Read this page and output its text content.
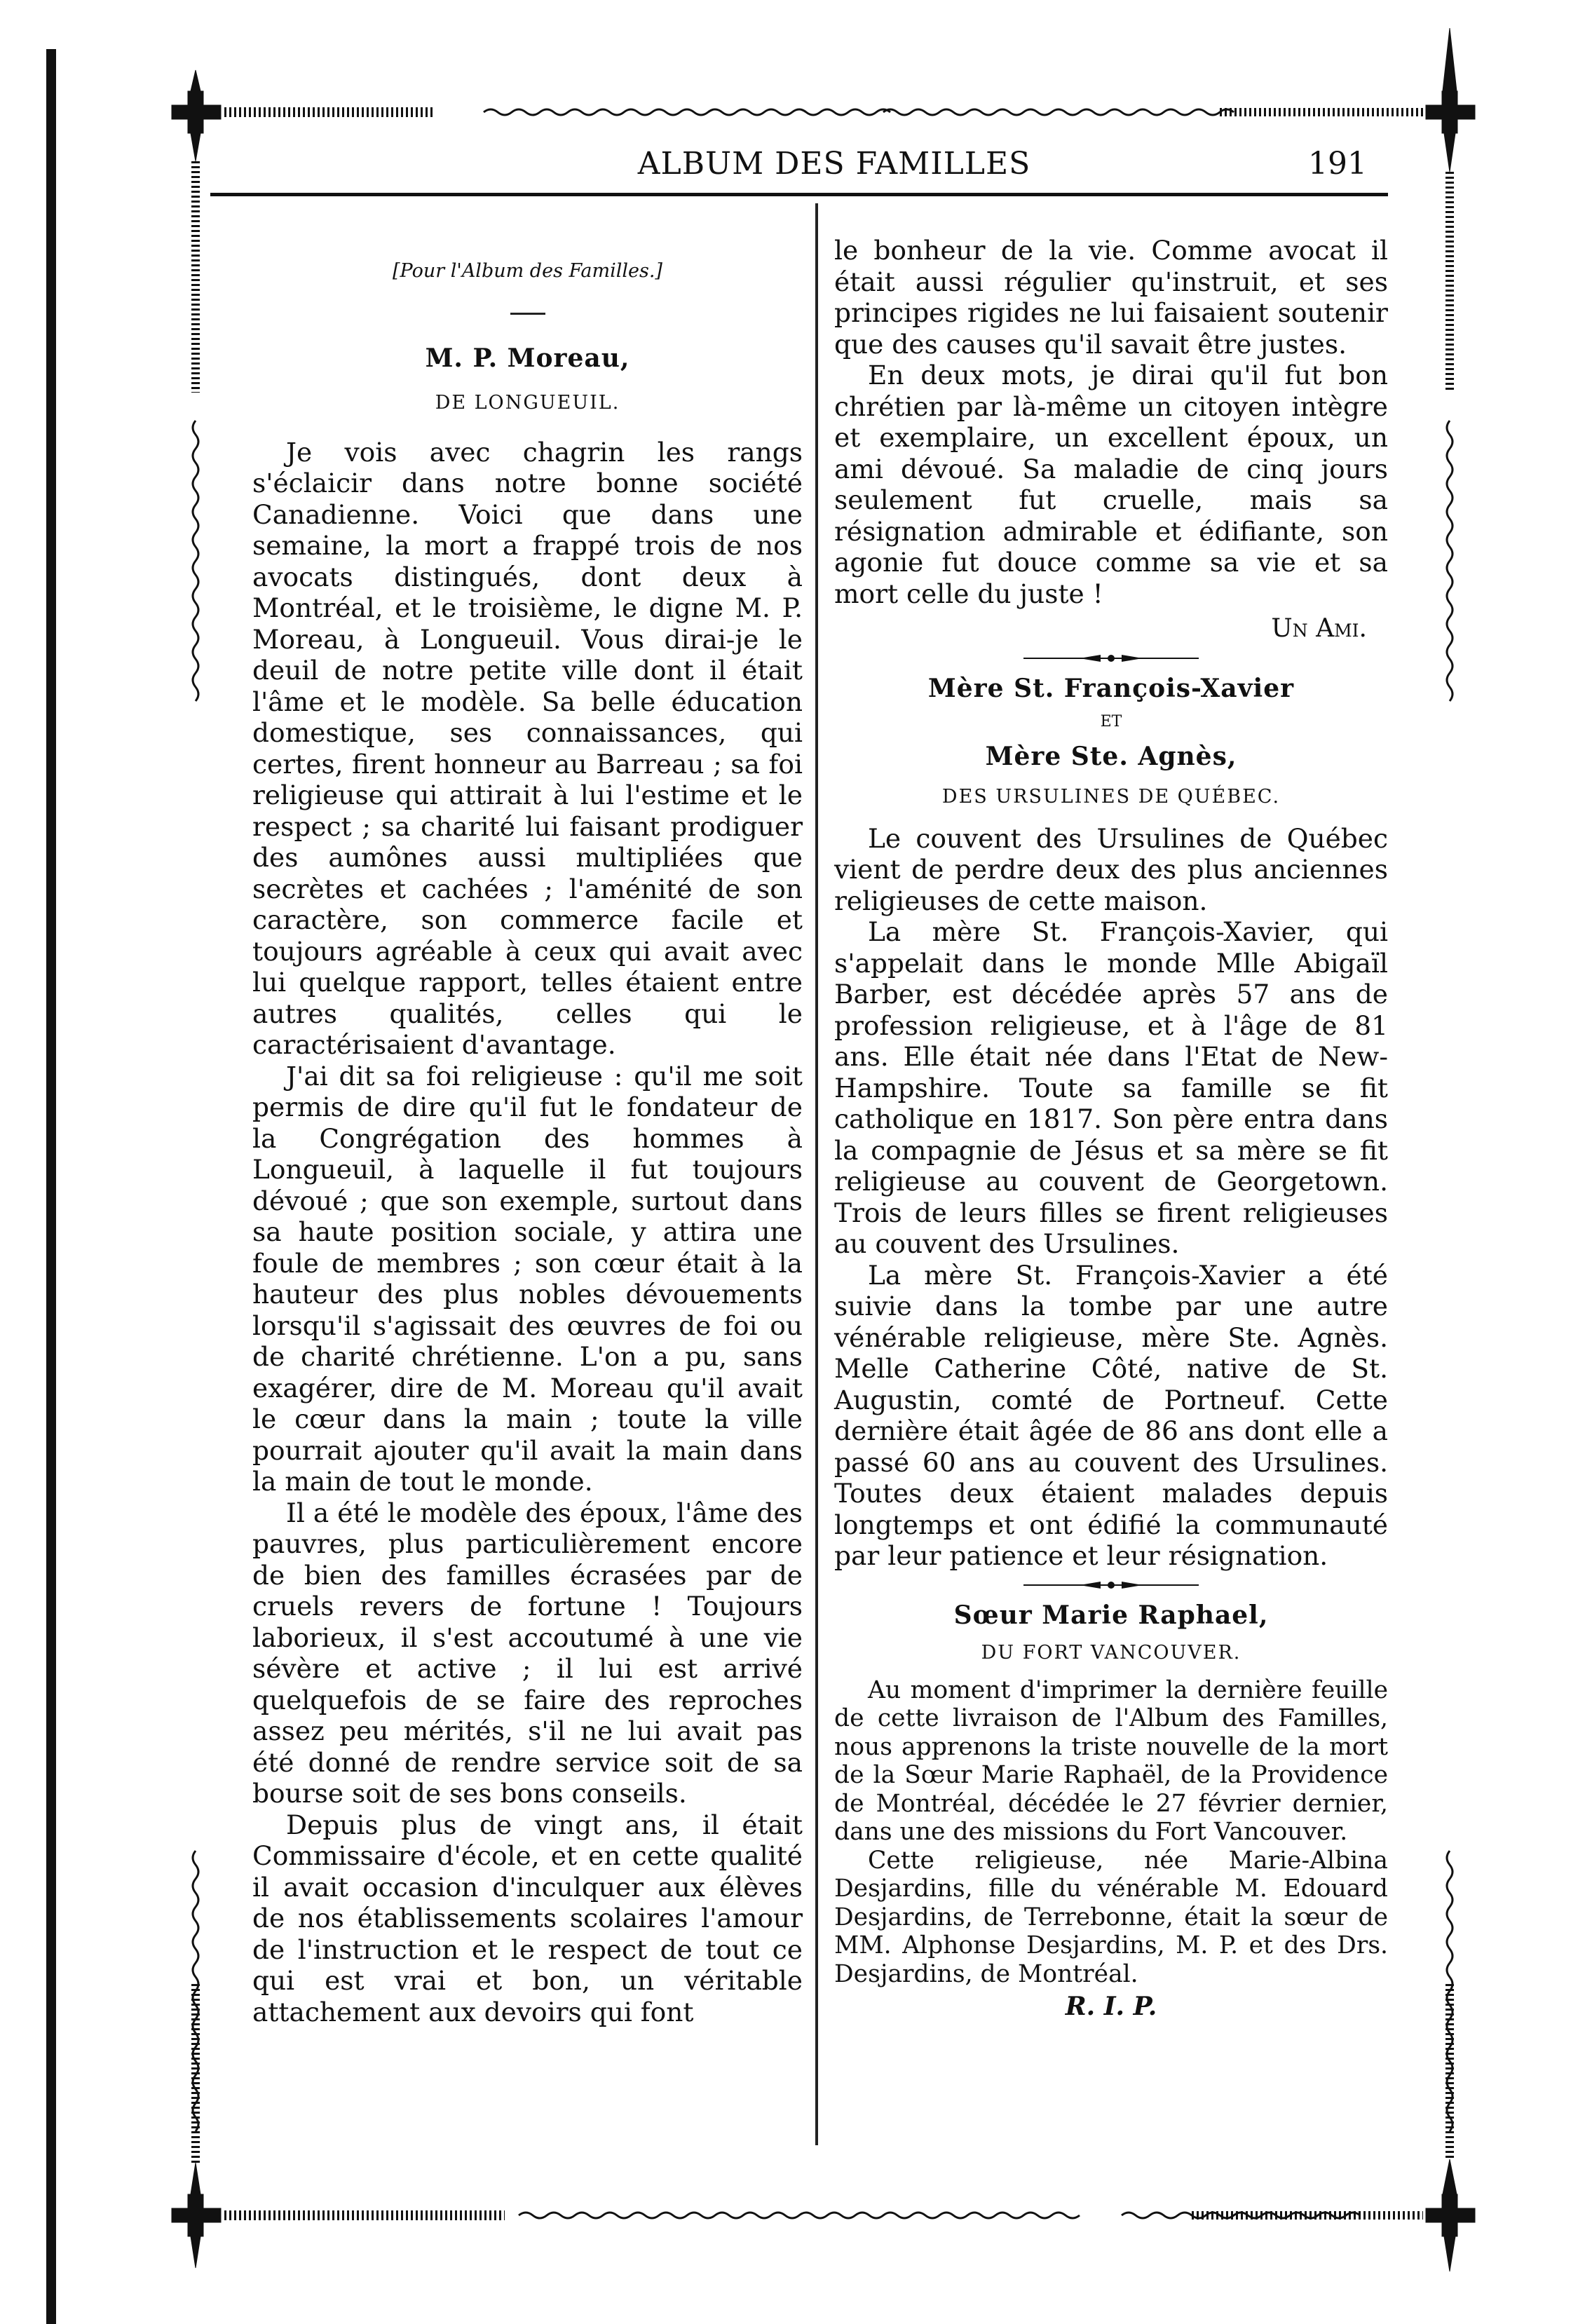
ALBUM DES FAMILLES	191
[Pour l'Album des Familles.]
M. P. Moreau,
DE LONGUEUIL.

Je vois avec chagrin les rangs s'éclaicir dans notre bonne société Canadienne. Voici que dans une semaine, la mort a frappé trois de nos avocats distingués, dont deux à Montréal, et le troisième, le digne M. P. Moreau, à Longueuil. Vous dirai-je le deuil de notre petite ville dont il était l'âme et le modèle. Sa belle éducation domestique, ses connaissances, qui certes, firent honneur au Barreau ; sa foi religieuse qui attirait à lui l'estime et le respect ; sa charité lui faisant prodiguer des aumônes aussi multipliées que secrètes et cachées ; l'aménité de son caractère, son commerce facile et toujours agréable à ceux qui avait avec lui quelque rapport, telles étaient entre autres qualités, celles qui le caractérisaient d'avantage.

J'ai dit sa foi religieuse : qu'il me soit permis de dire qu'il fut le fondateur de la Congrégation des hommes à Longueuil, à laquelle il fut toujours dévoué ; que son exemple, surtout dans sa haute position sociale, y attira une foule de membres ; son cœur était à la hauteur des plus nobles dévouements lorsqu'il s'agissait des œuvres de foi ou de charité chrétienne. L'on a pu, sans exagérer, dire de M. Moreau qu'il avait le cœur dans la main ; toute la ville pourrait ajouter qu'il avait la main dans la main de tout le monde.

Il a été le modèle des époux, l'âme des pauvres, plus particulièrement encore de bien des familles écrasées par de cruels revers de fortune ! Toujours laborieux, il s'est accoutumé à une vie sévère et active ; il lui est arrivé quelquefois de se faire des reproches assez peu mérités, s'il ne lui avait pas été donné de rendre service soit de sa bourse soit de ses bons conseils.

Depuis plus de vingt ans, il était Commissaire d'école, et en cette qualité il avait occasion d'inculquer aux élèves de nos établissements scolaires l'amour de l'instruction et le respect de tout ce qui est vrai et bon, un véritable attachement aux devoirs qui font

le bonheur de la vie. Comme avocat il était aussi régulier qu'instruit, et ses principes rigides ne lui faisaient soutenir que des causes qu'il savait être justes.

En deux mots, je dirai qu'il fut bon chrétien par là-même un citoyen intègre et exemplaire, un excellent époux, un ami dévoué. Sa maladie de cinq jours seulement fut cruelle, mais sa résignation admirable et édifiante, son agonie fut douce comme sa vie et sa mort celle du juste !

Un Ami.
Mère St. François-Xavier
ET
Mère Ste. Agnès,
DES URSULINES DE QUÉBEC.

Le couvent des Ursulines de Québec vient de perdre deux des plus anciennes religieuses de cette maison.

La mère St. François-Xavier, qui s'appelait dans le monde Mlle Abigaïl Barber, est décédée après 57 ans de profession religieuse, et à l'âge de 81 ans. Elle était née dans l'Etat de New-Hampshire. Toute sa famille se fit catholique en 1817. Son père entra dans la compagnie de Jésus et sa mère se fit religieuse au couvent de Georgetown. Trois de leurs filles se firent religieuses au couvent des Ursulines.

La mère St. François-Xavier a été suivie dans la tombe par une autre vénérable religieuse, mère Ste. Agnès. Melle Catherine Côté, native de St. Augustin, comté de Portneuf. Cette dernière était âgée de 86 ans dont elle a passé 60 ans au couvent des Ursulines. Toutes deux étaient malades depuis longtemps et ont édifié la communauté par leur patience et leur résignation.

Sœur Marie Raphael,
DU FORT VANCOUVER.

Au moment d'imprimer la dernière feuille de cette livraison de l'Album des Familles, nous apprenons la triste nouvelle de la mort de la Sœur Marie Raphaël, de la Providence de Montréal, décédée le 27 février dernier, dans une des missions du Fort Vancouver.

Cette religieuse, née Marie-Albina Desjardins, fille du vénérable M. Edouard Desjardins, de Terrebonne, était la sœur de MM. Alphonse Desjardins, M. P. et des Drs. Desjardins, de Montréal.

R. I. P.
